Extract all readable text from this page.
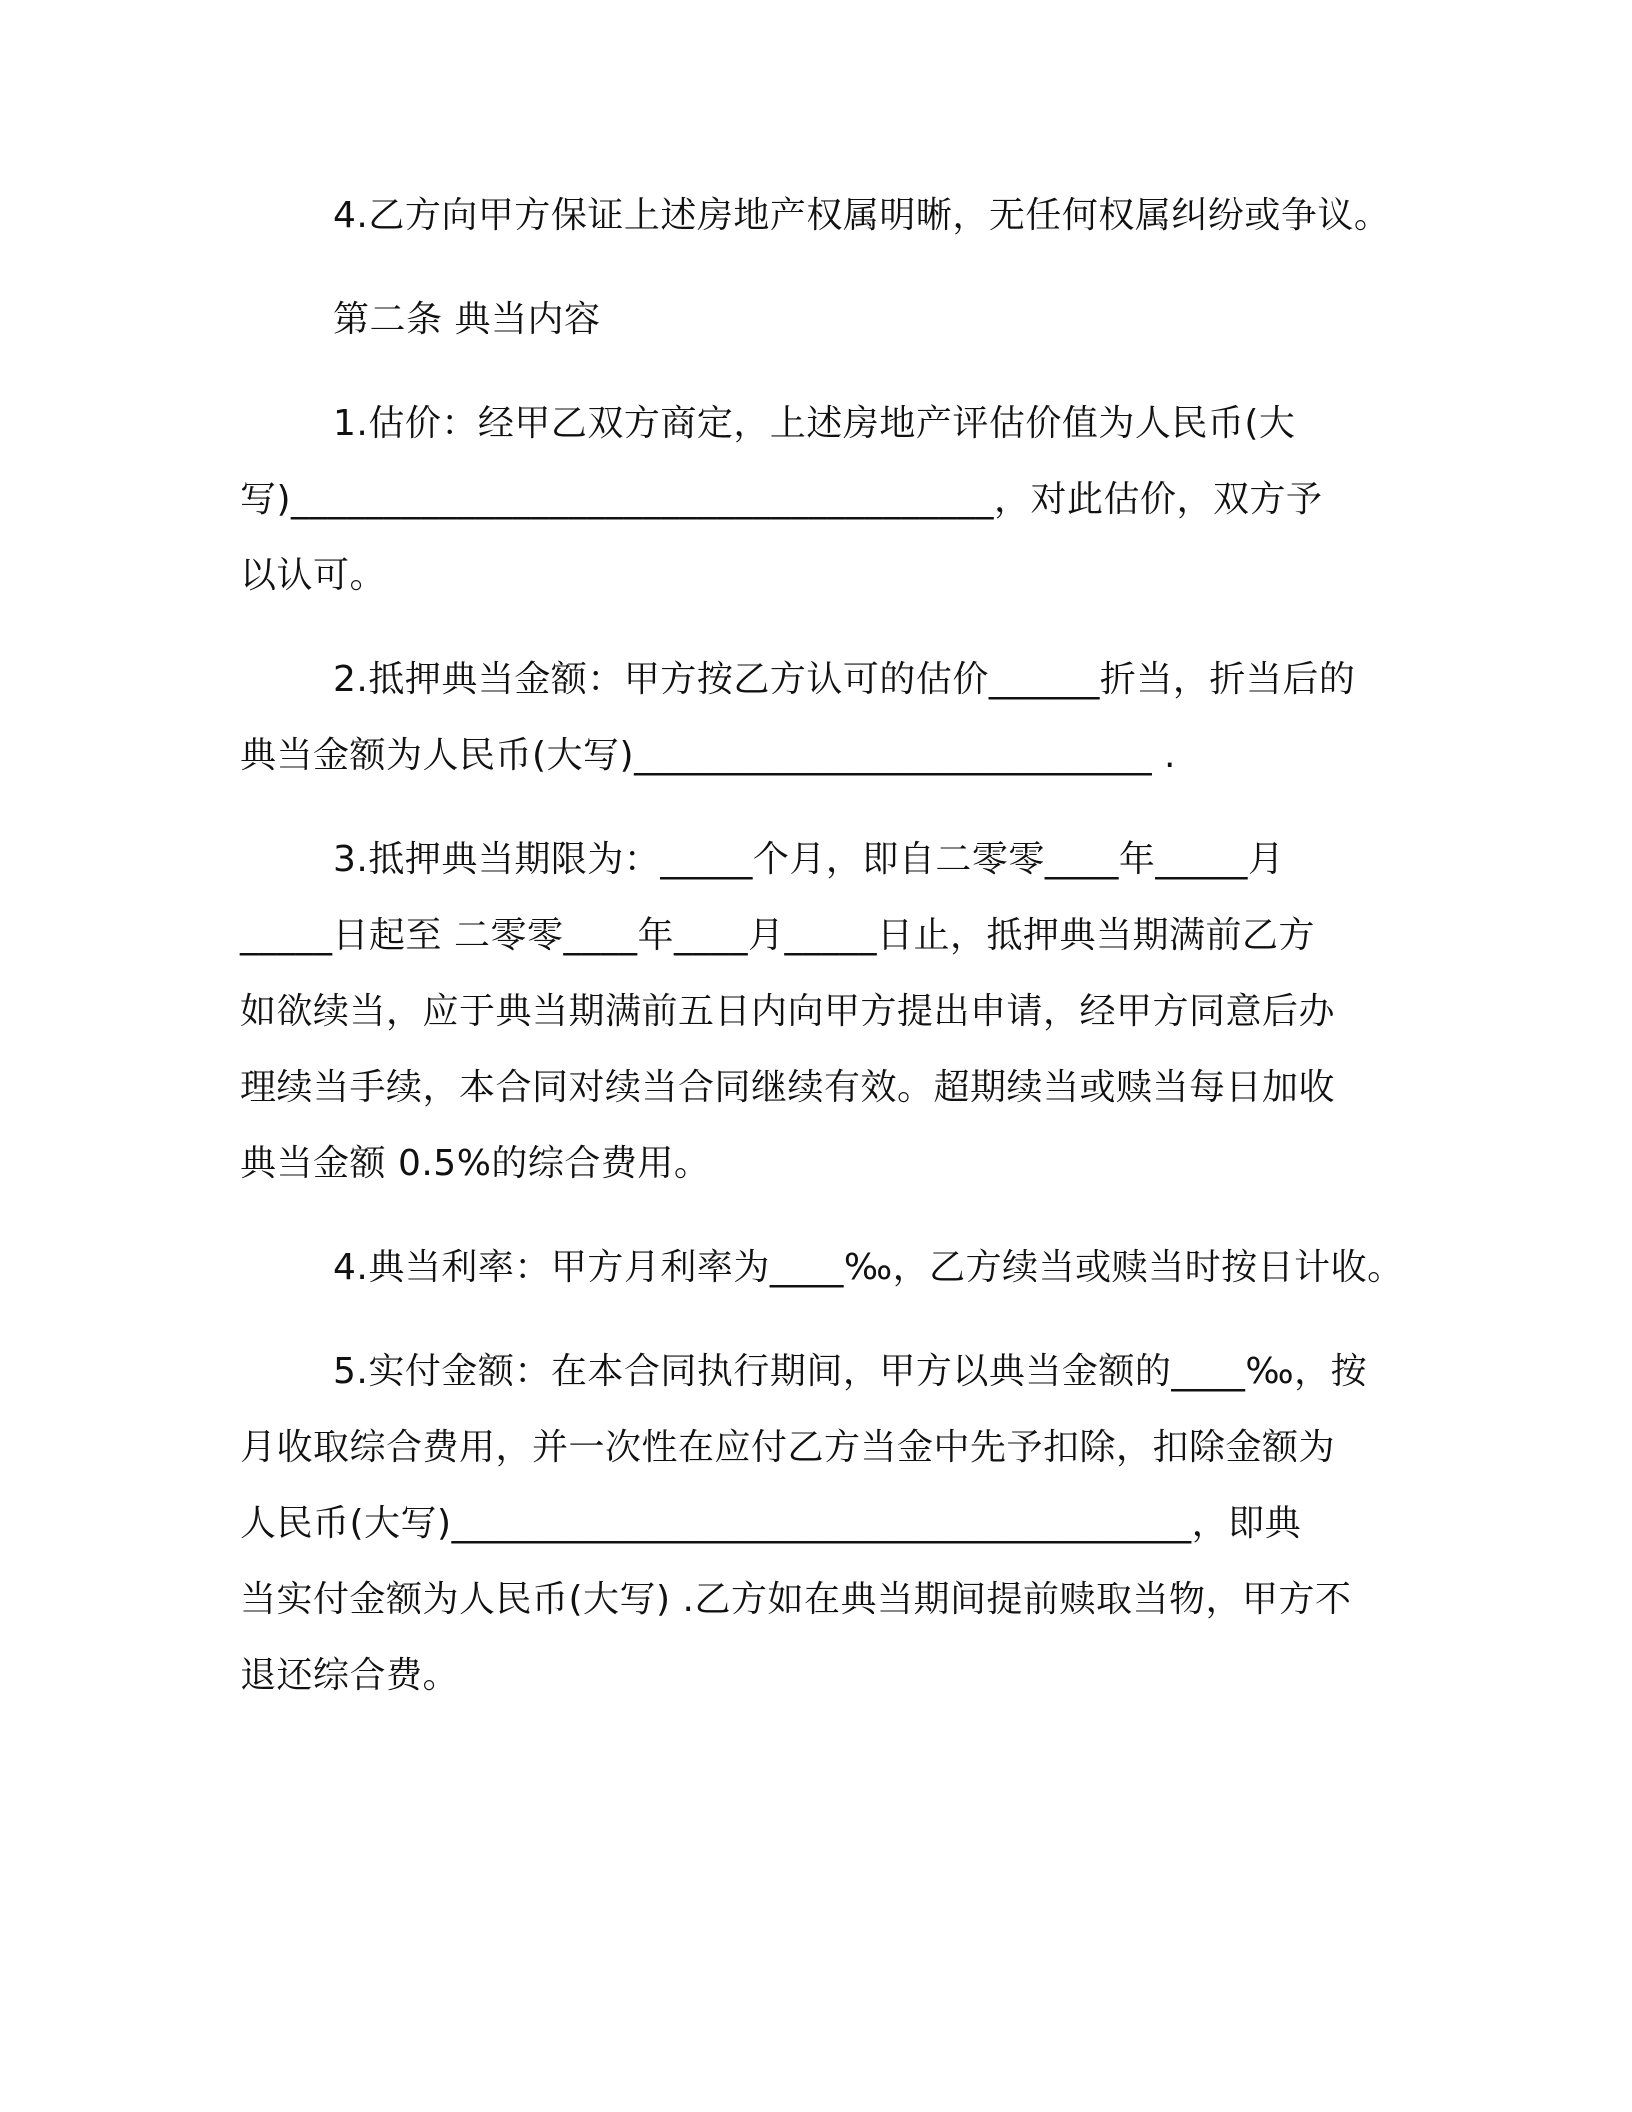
4.乙方向甲方保证上述房地产权属明晰，无任何权属纠纷或争议。
第二条 典当内容
1.估价：经甲乙双方商定，上述房地产评估价值为人民币(大
写)______________________________________，对此估价，双方予
以认可。
2.抵押典当金额：甲方按乙方认可的估价______折当，折当后的
典当金额为人民币(大写)____________________________ .
3.抵押典当期限为：_____个月，即自二零零____年_____月
_____日起至 二零零____年____月_____日止，抵押典当期满前乙方
如欲续当，应于典当期满前五日内向甲方提出申请，经甲方同意后办
理续当手续，本合同对续当合同继续有效。超期续当或赎当每日加收
典当金额 0.5%的综合费用。
4.典当利率：甲方月利率为____‰，乙方续当或赎当时按日计收。
5.实付金额：在本合同执行期间，甲方以典当金额的____‰，按
月收取综合费用，并一次性在应付乙方当金中先予扣除，扣除金额为
人民币(大写)________________________________________，即典
当实付金额为人民币(大写) .乙方如在典当期间提前赎取当物，甲方不
退还综合费。
